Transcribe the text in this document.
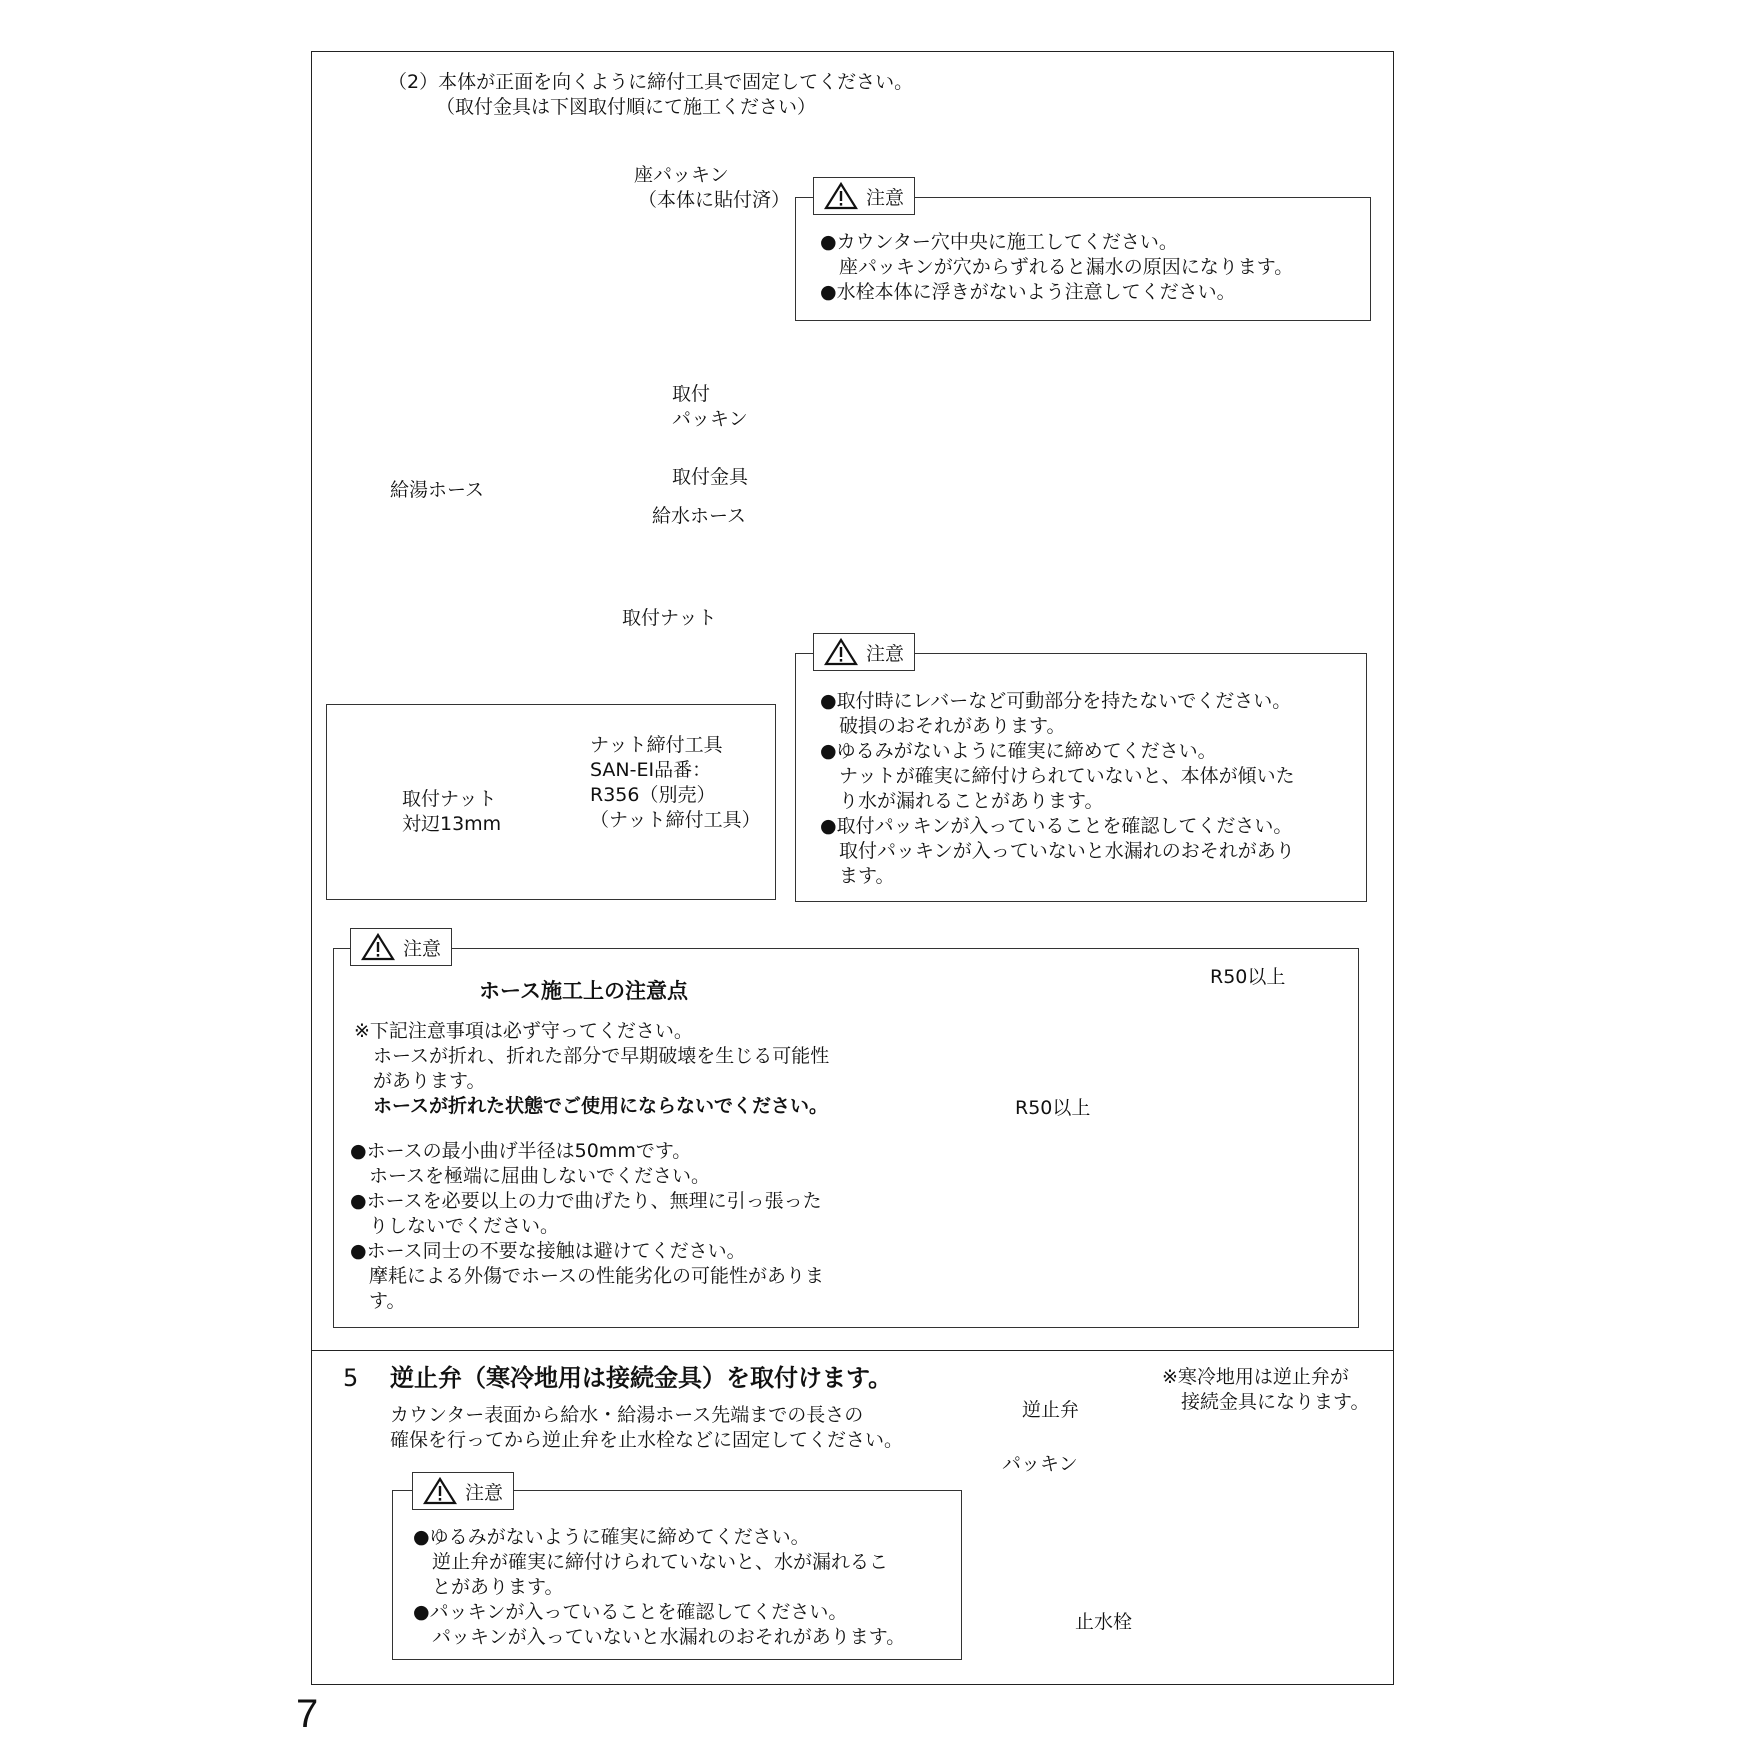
（2）本体が正面を向くように締付工具で固定してください。
（取付金具は下図取付順にて施工ください）
座パッキン
（本体に貼付済）
取付
パッキン
取付金具
給湯ホース
給水ホース
取付ナット
●カウンター穴中央に施工してください。
　座パッキンが穴からずれると漏水の原因になります。
●水栓本体に浮きがないよう注意してください。
注意
●取付時にレバーなど可動部分を持たないでください。
　破損のおそれがあります。
●ゆるみがないように確実に締めてください。
　ナットが確実に締付けられていないと、本体が傾いた
　り水が漏れることがあります。
●取付パッキンが入っていることを確認してください。
　取付パッキンが入っていないと水漏れのおそれがあり
　ます。
注意
取付ナット
対辺13mm
ナット締付工具
SAN-EI品番：
R356（別売）
（ナット締付工具）
ホース施工上の注意点
※下記注意事項は必ず守ってください。
　ホースが折れ、折れた部分で早期破壊を生じる可能性
　があります。
　ホースが折れた状態でご使用にならないでください。
●ホースの最小曲げ半径は50mmです。
　ホースを極端に屈曲しないでください。
●ホースを必要以上の力で曲げたり、無理に引っ張った
　りしないでください。
●ホース同士の不要な接触は避けてください。
　摩耗による外傷でホースの性能劣化の可能性がありま
　す。
注意
R50以上
R50以上
5 逆止弁（寒冷地用は接続金具）を取付けます。
カウンター表面から給水・給湯ホース先端までの長さの
確保を行ってから逆止弁を止水栓などに固定してください。
●ゆるみがないように確実に締めてください。
　逆止弁が確実に締付けられていないと、水が漏れるこ
　とがあります。
●パッキンが入っていることを確認してください。
　パッキンが入っていないと水漏れのおそれがあります。
注意
※寒冷地用は逆止弁が
　接続金具になります。
逆止弁
パッキン
止水栓
7
